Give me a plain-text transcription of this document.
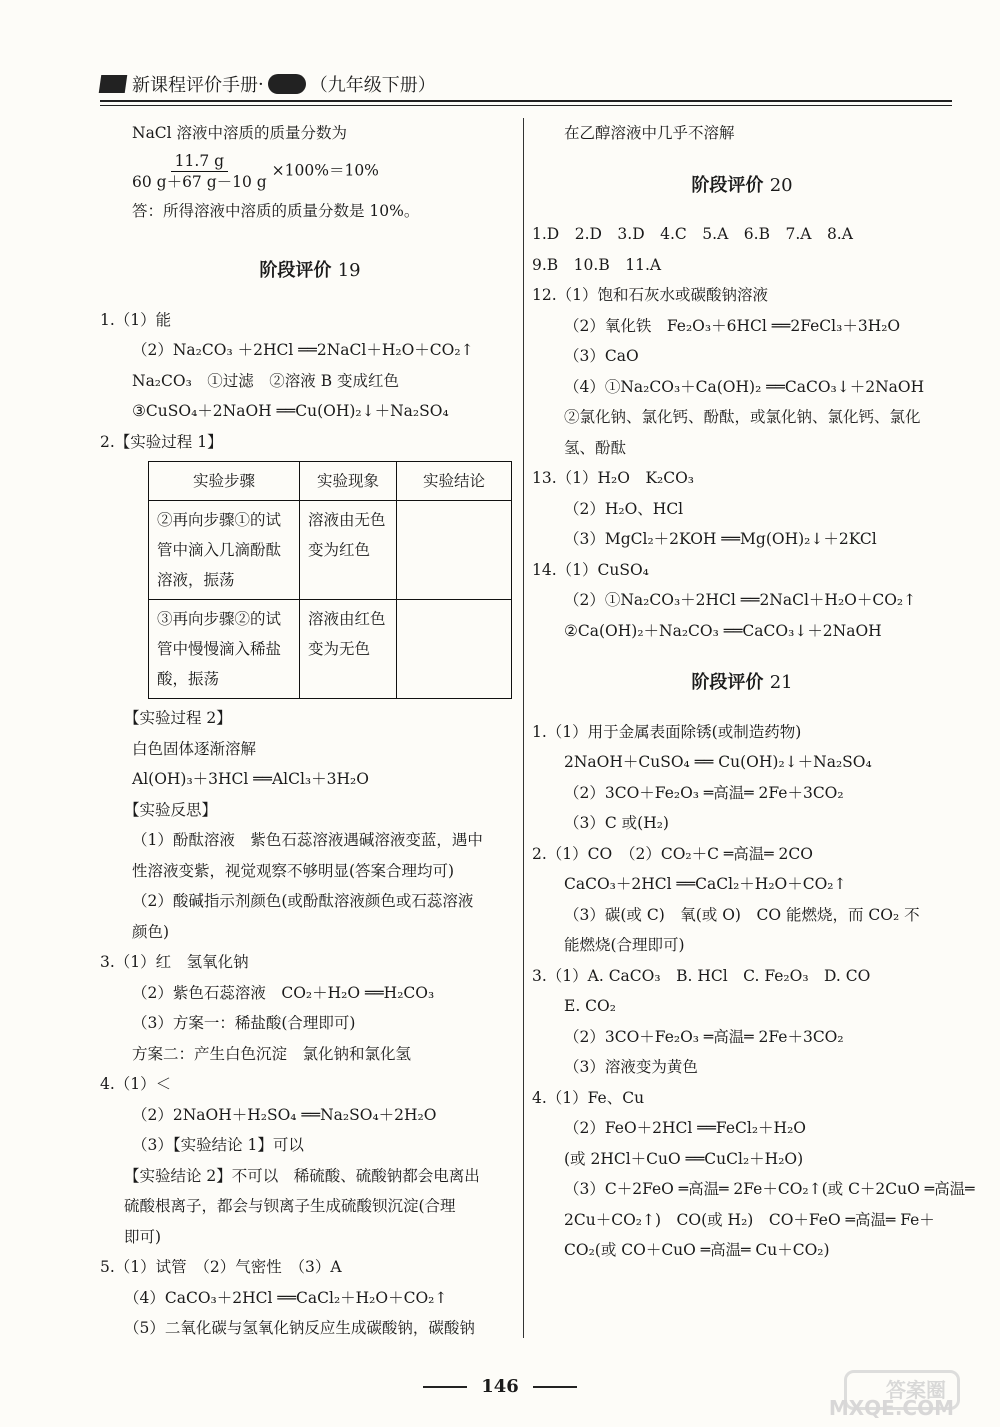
新课程评价手册 ·	（九年级下册）
NaCl 溶液中溶质的质量分数为
$\frac{11.7 g}{60 g+67 g-10 g} \times 100\%=10\%$
答：所得溶液中溶质的质量分数是 10%。
阶段评价 19
1.（1）能
（2）Na₂CO₃ ＋2HCl ══2NaCl＋H₂O＋CO₂↑
Na₂CO₃　①过滤　②溶液 B 变成红色
③CuSO₄＋2NaOH ══Cu(OH)₂↓＋Na₂SO₄
2.【实验过程 1】
实验步骤	实验现象	实验结论
②再向步骤①的试管中滴入几滴酚酞溶液，振荡	溶液由无色变为红色	
③再向步骤②的试管中慢慢滴入稀盐酸，振荡	溶液由红色变为无色	
【实验过程 2】
白色固体逐渐溶解
Al(OH)₃＋3HCl ══AlCl₃＋3H₂O
【实验反思】
（1）酚酞溶液　紫色石蕊溶液遇碱溶液变蓝，遇中
性溶液变紫，视觉观察不够明显(答案合理均可)
（2）酸碱指示剂颜色(或酚酞溶液颜色或石蕊溶液
颜色)
3.（1）红　氢氧化钠
（2）紫色石蕊溶液　CO₂＋H₂O ══H₂CO₃
（3）方案一：稀盐酸(合理即可)
方案二：产生白色沉淀　氯化钠和氯化氢
4.（1）＜
（2）2NaOH＋H₂SO₄ ══Na₂SO₄＋2H₂O
（3）【实验结论 1】可以
【实验结论 2】不可以　稀硫酸、硫酸钠都会电离出
硫酸根离子，都会与钡离子生成硫酸钡沉淀(合理
即可)
5.（1）试管　（2）气密性　（3）A
（4）CaCO₃＋2HCl ══CaCl₂＋H₂O＋CO₂↑
（5）二氧化碳与氢氧化钠反应生成碳酸钠，碳酸钠
在乙醇溶液中几乎不溶解
阶段评价 20
1.D　2.D　3.D　4.C　5.A　6.B　7.A　8.A
9.B　10.B　11.A
12.（1）饱和石灰水或碳酸钠溶液
（2）氧化铁　Fe₂O₃＋6HCl ══2FeCl₃＋3H₂O
（3）CaO
（4）①Na₂CO₃＋Ca(OH)₂ ══CaCO₃↓＋2NaOH
②氯化钠、氯化钙、酚酞，或氯化钠、氯化钙、氯化
氢、酚酞
13.（1）H₂O　K₂CO₃
（2）H₂O、HCl
（3）MgCl₂＋2KOH ══Mg(OH)₂↓＋2KCl
14.（1）CuSO₄
（2）①Na₂CO₃＋2HCl ══2NaCl＋H₂O＋CO₂↑
②Ca(OH)₂＋Na₂CO₃ ══CaCO₃↓＋2NaOH
阶段评价 21
1.（1）用于金属表面除锈(或制造药物)
2NaOH＋CuSO₄ ══ Cu(OH)₂↓＋Na₂SO₄
（2）3CO＋Fe₂O₃ ═高温═ 2Fe＋3CO₂
（3）C 或(H₂)
2.（1）CO　（2）CO₂＋C ═高温═ 2CO
CaCO₃＋2HCl ══CaCl₂＋H₂O＋CO₂↑
（3）碳(或 C)　氧(或 O)　CO 能燃烧，而 CO₂ 不
能燃烧(合理即可)
3.（1）A. CaCO₃　B. HCl　C. Fe₂O₃　D. CO
E. CO₂
（2）3CO＋Fe₂O₃ ═高温═ 2Fe＋3CO₂
（3）溶液变为黄色
4.（1）Fe、Cu
（2）FeO＋2HCl ══FeCl₂＋H₂O
(或 2HCl＋CuO ══CuCl₂＋H₂O)
（3）C＋2FeO ═高温═ 2Fe＋CO₂↑(或 C＋2CuO ═高温═
2Cu＋CO₂↑)　CO(或 H₂)　CO＋FeO ═高温═ Fe＋
CO₂(或 CO＋CuO ═高温═ Cu＋CO₂)
146	答案圈
MXQE.COM
